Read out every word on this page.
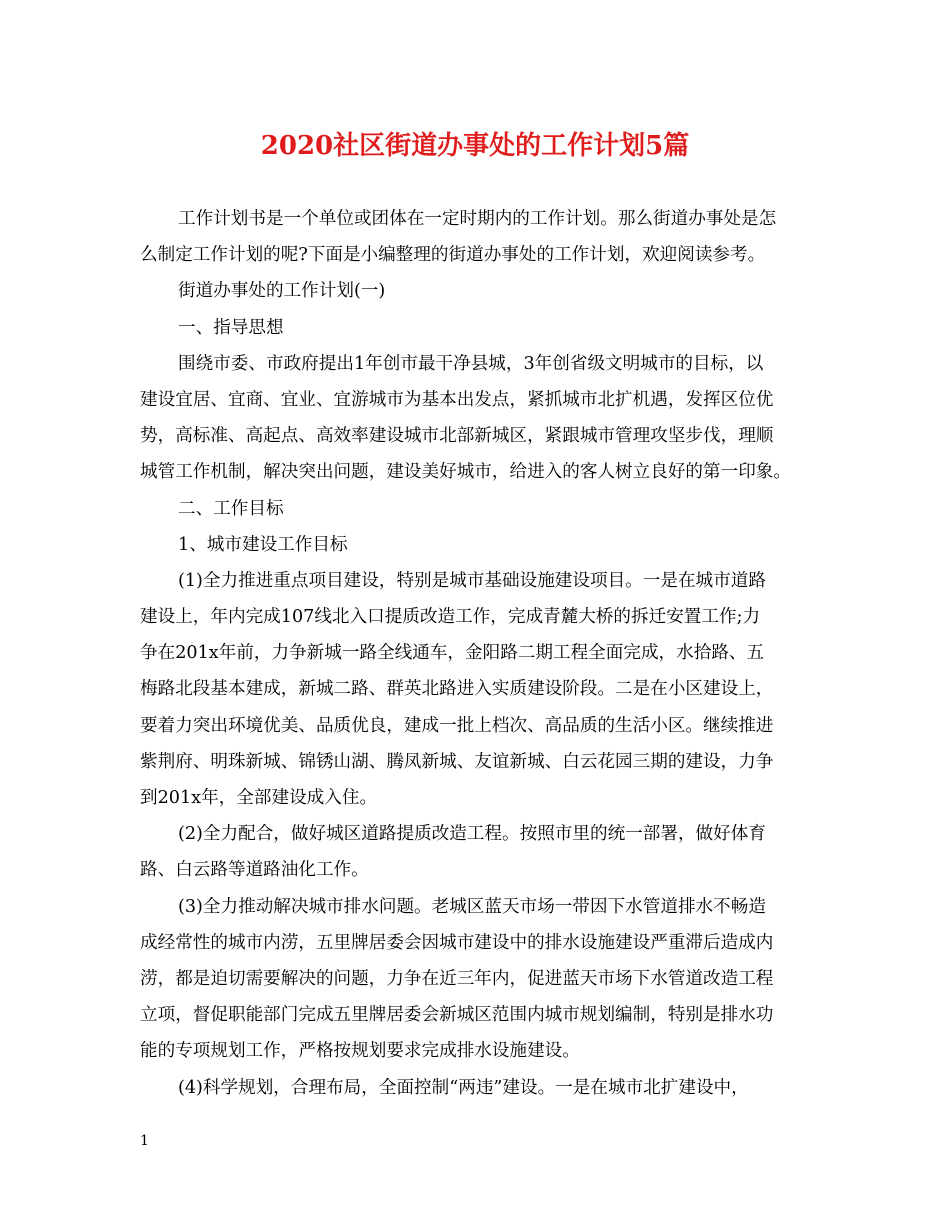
2020社区街道办事处的工作计划5篇
工作计划书是一个单位或团体在一定时期内的工作计划。那么街道办事处是怎
么制定工作计划的呢?下面是小编整理的街道办事处的工作计划，欢迎阅读参考。
街道办事处的工作计划(一)
一、指导思想
围绕市委、市政府提出1年创市最干净县城，3年创省级文明城市的目标，以
建设宜居、宜商、宜业、宜游城市为基本出发点，紧抓城市北扩机遇，发挥区位优
势，高标准、高起点、高效率建设城市北部新城区，紧跟城市管理攻坚步伐，理顺
城管工作机制，解决突出问题，建设美好城市，给进入的客人树立良好的第一印象。
二、工作目标
1、城市建设工作目标
(1)全力推进重点项目建设，特别是城市基础设施建设项目。一是在城市道路
建设上，年内完成107线北入口提质改造工作，完成青麓大桥的拆迁安置工作;力
争在201x年前，力争新城一路全线通车，金阳路二期工程全面完成，水拾路、五
梅路北段基本建成，新城二路、群英北路进入实质建设阶段。二是在小区建设上，
要着力突出环境优美、品质优良，建成一批上档次、高品质的生活小区。继续推进
紫荆府、明珠新城、锦锈山湖、腾凤新城、友谊新城、白云花园三期的建设，力争
到201x年，全部建设成入住。
(2)全力配合，做好城区道路提质改造工程。按照市里的统一部署，做好体育
路、白云路等道路油化工作。
(3)全力推动解决城市排水问题。老城区蓝天市场一带因下水管道排水不畅造
成经常性的城市内涝，五里牌居委会因城市建设中的排水设施建设严重滞后造成内
涝，都是迫切需要解决的问题，力争在近三年内，促进蓝天市场下水管道改造工程
立项，督促职能部门完成五里牌居委会新城区范围内城市规划编制，特别是排水功
能的专项规划工作，严格按规划要求完成排水设施建设。
(4)科学规划，合理布局，全面控制“两违”建设。一是在城市北扩建设中，
1
